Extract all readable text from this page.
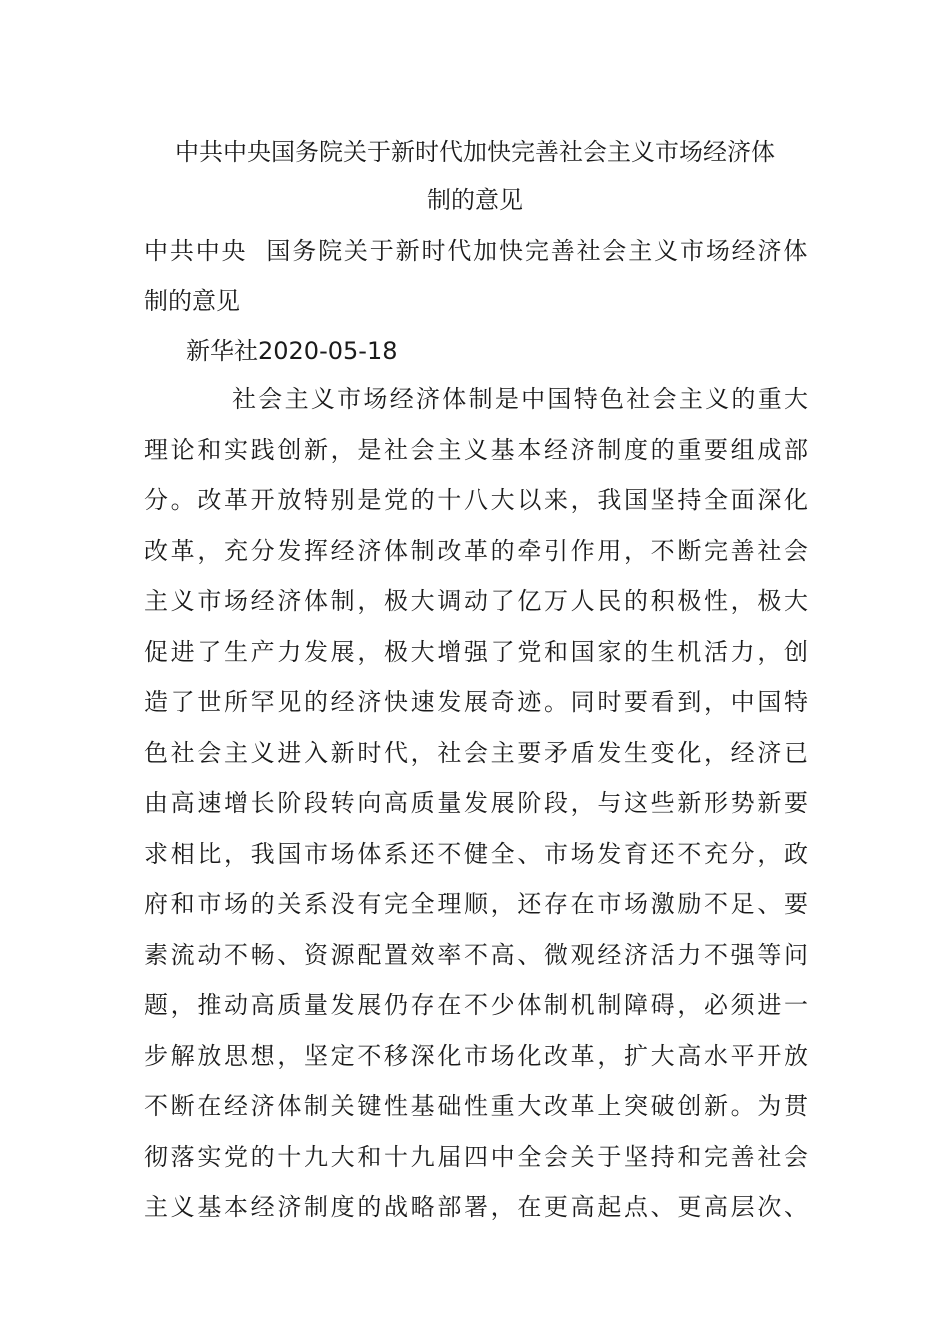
中共中央国务院关于新时代加快完善社会主义市场经济体
制的意见
中共中央  国务院关于新时代加快完善社会主义市场经济体
制的意见
新华社2020-05-18
社会主义市场经济体制是中国特色社会主义的重大
理论和实践创新，是社会主义基本经济制度的重要组成部
分。改革开放特别是党的十八大以来，我国坚持全面深化
改革，充分发挥经济体制改革的牵引作用，不断完善社会
主义市场经济体制，极大调动了亿万人民的积极性，极大
促进了生产力发展，极大增强了党和国家的生机活力，创
造了世所罕见的经济快速发展奇迹。同时要看到，中国特
色社会主义进入新时代，社会主要矛盾发生变化，经济已
由高速增长阶段转向高质量发展阶段，与这些新形势新要
求相比，我国市场体系还不健全、市场发育还不充分，政
府和市场的关系没有完全理顺，还存在市场激励不足、要
素流动不畅、资源配置效率不高、微观经济活力不强等问
题，推动高质量发展仍存在不少体制机制障碍，必须进一
步解放思想，坚定不移深化市场化改革，扩大高水平开放
不断在经济体制关键性基础性重大改革上突破创新。为贯
彻落实党的十九大和十九届四中全会关于坚持和完善社会
主义基本经济制度的战略部署，在更高起点、更高层次、
